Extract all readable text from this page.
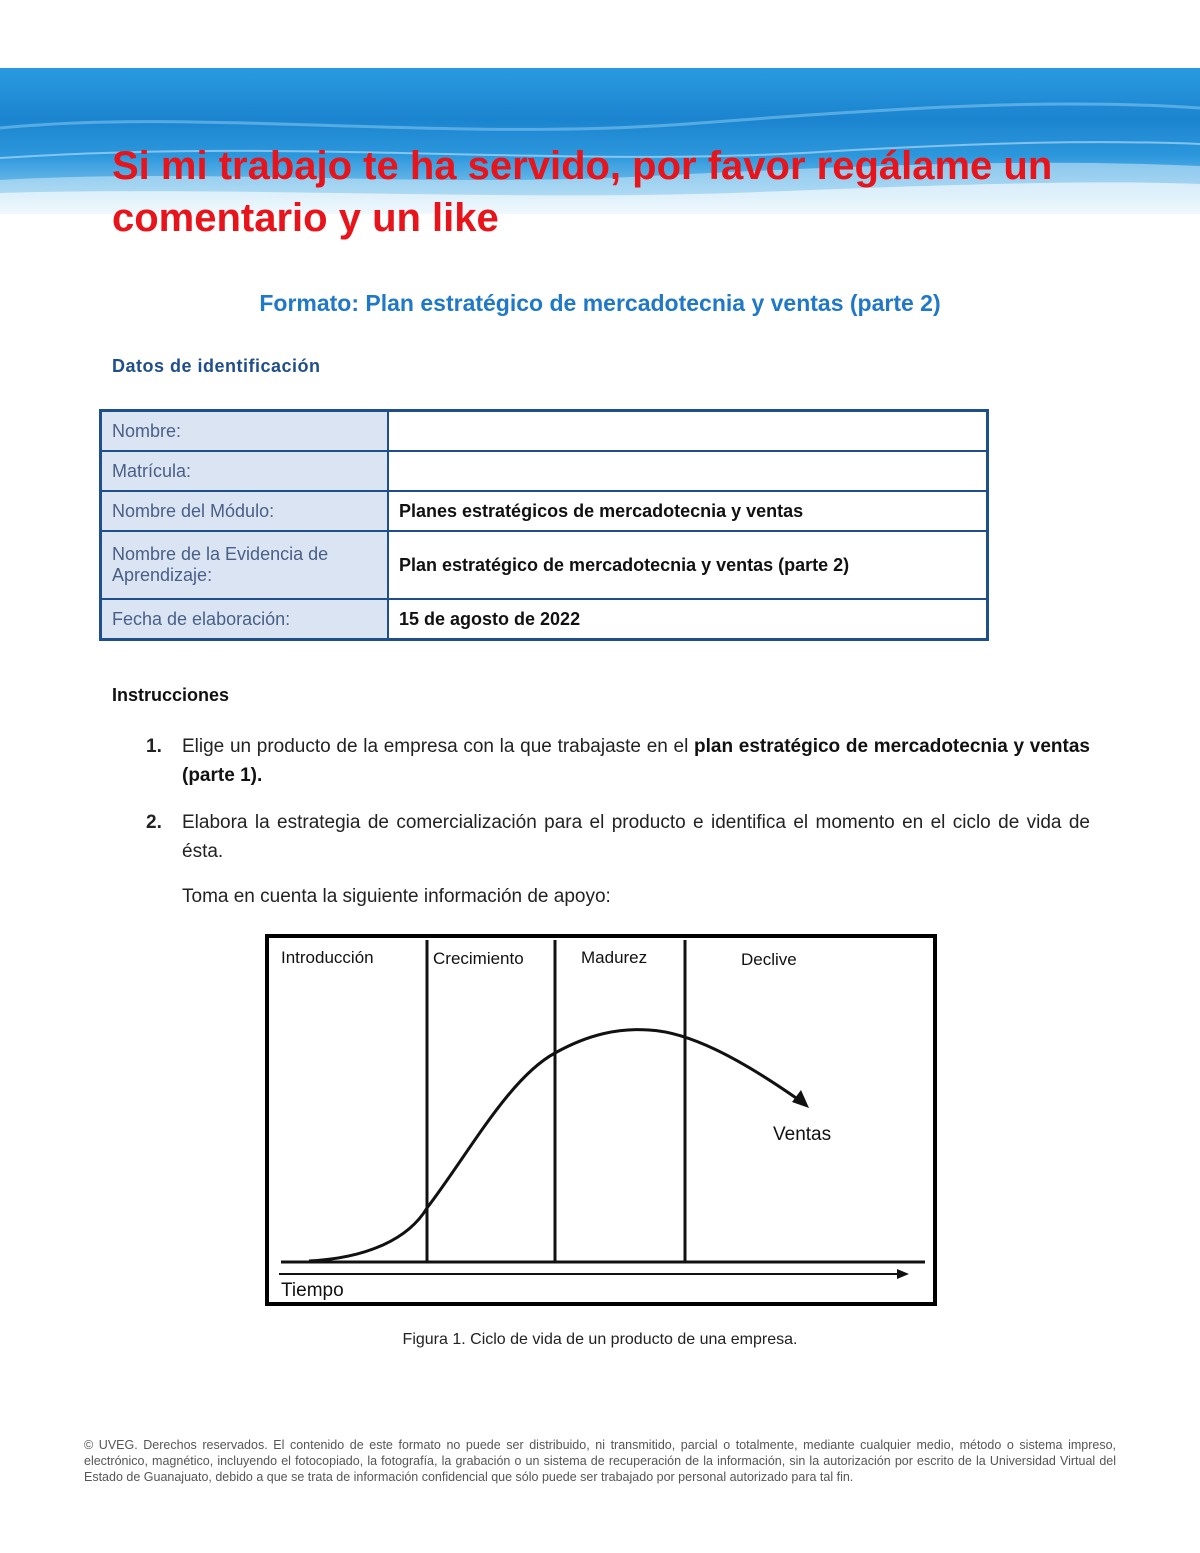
Si mi trabajo te ha servido, por favor regálame un comentario y un like
Formato: Plan estratégico de mercadotecnia y ventas (parte 2)
Datos de identificación
Nombre:	
Matrícula:	
Nombre del Módulo:	Planes estratégicos de mercadotecnia y ventas
Nombre de la Evidencia de Aprendizaje:	Plan estratégico de mercadotecnia y ventas (parte 2)
Fecha de elaboración:	15 de agosto de 2022
Instrucciones
1. Elige un producto de la empresa con la que trabajaste en el plan estratégico de mercadotecnia y ventas (parte 1).
2. Elabora la estrategia de comercialización para el producto e identifica el momento en el ciclo de vida de ésta.
Toma en cuenta la siguiente información de apoyo:
Introducción	Crecimiento	Madurez	Declive
Ventas
Tiempo
Figura 1. Ciclo de vida de un producto de una empresa.
© UVEG. Derechos reservados. El contenido de este formato no puede ser distribuido, ni transmitido, parcial o totalmente, mediante cualquier medio, método o sistema impreso, electrónico, magnético, incluyendo el fotocopiado, la fotografía, la grabación o un sistema de recuperación de la información, sin la autorización por escrito de la Universidad Virtual del Estado de Guanajuato, debido a que se trata de información confidencial que sólo puede ser trabajado por personal autorizado para tal fin.
